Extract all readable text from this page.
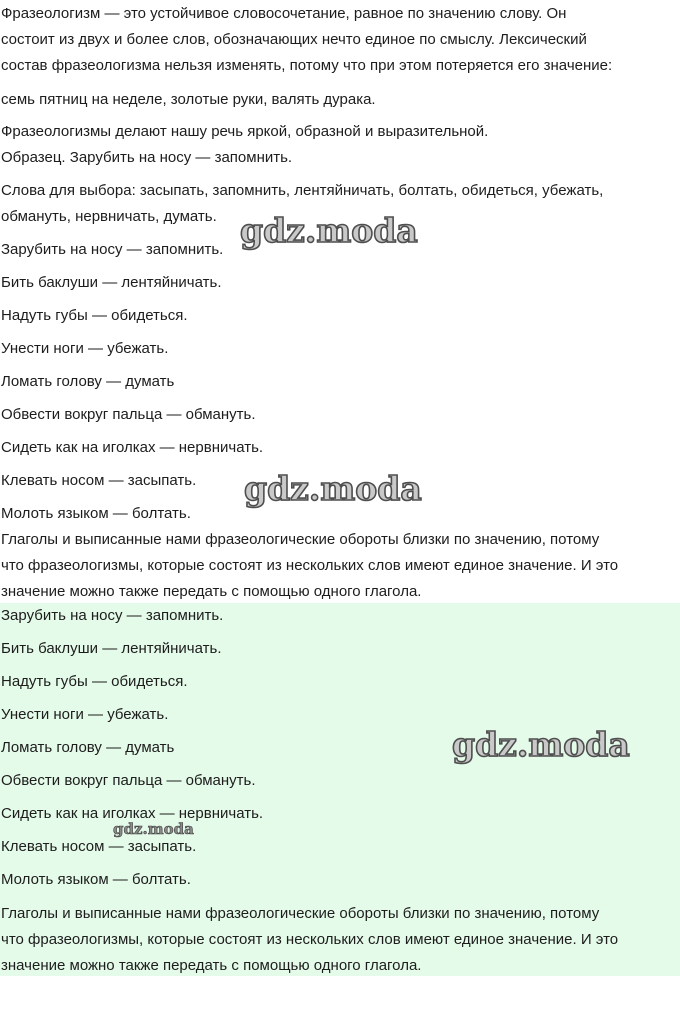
Фразеологизм — это устойчивое словосочетание, равное по значению слову. Он
состоит из двух и более слов, обозначающих нечто единое по смыслу. Лексический
состав фразеологизма нельзя изменять, потому что при этом потеряется его значение:
семь пятниц на неделе, золотые руки, валять дурака.
Фразеологизмы делают нашу речь яркой, образной и выразительной.
Образец. Зарубить на носу — запомнить.
Слова для выбора: засыпать, запомнить, лентяйничать, болтать, обидеться, убежать,
обмануть, нервничать, думать.
Зарубить на носу — запомнить.
Бить баклуши — лентяйничать.
Надуть губы — обидеться.
Унести ноги — убежать.
Ломать голову — думать
Обвести вокруг пальца — обмануть.
Сидеть как на иголках — нервничать.
Клевать носом — засыпать.
Молоть языком — болтать.
Глаголы и выписанные нами фразеологические обороты близки по значению, потому
что фразеологизмы, которые состоят из нескольких слов имеют единое значение. И это
значение можно также передать с помощью одного глагола.
Зарубить на носу — запомнить.
Бить баклуши — лентяйничать.
Надуть губы — обидеться.
Унести ноги — убежать.
Ломать голову — думать
Обвести вокруг пальца — обмануть.
Сидеть как на иголках — нервничать.
Клевать носом — засыпать.
Молоть языком — болтать.
Глаголы и выписанные нами фразеологические обороты близки по значению, потому
что фразеологизмы, которые состоят из нескольких слов имеют единое значение. И это
значение можно также передать с помощью одного глагола.
gdz.moda
gdz.moda
gdz.moda
gdz.moda
